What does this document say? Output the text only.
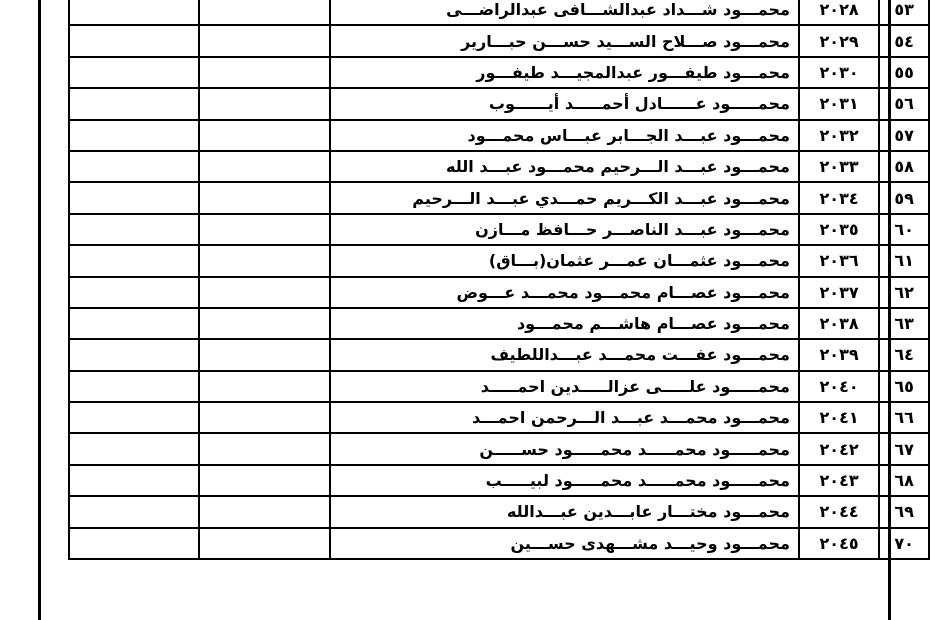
		محمـــود شـــداد عبدالشـــافى عبدالراضـــى	٢٠٢٨	٥٣
		محمـــود صـــلاح الســـيد حســـن حبـــارير	٢٠٢٩	٥٤
		محمـــود طيفـــور عبدالمجيـــد طيفـــور	٢٠٣٠	٥٥
		محمـــــود عــــــادل أحمـــــد أيــــــوب	٢٠٣١	٥٦
		محمـــود عبـــد الجـــابر عبـــاس محمـــود	٢٠٣٢	٥٧
		محمـــود عبـــد الـــرحيم محمـــود عبـــد الله	٢٠٣٣	٥٨
		محمـــود عبـــد الكـــريم حمـــدي عبـــد الـــرحيم	٢٠٣٤	٥٩
		محمـــود عبـــد الناصـــر حـــافظ مـــازن	٢٠٣٥	٦٠
		محمـــود عثمـــان عمـــر عثمان(بـــاق)	٢٠٣٦	٦١
		محمـــود عصـــام محمـــود محمـــد عـــوض	٢٠٣٧	٦٢
		محمـــود عصـــام هاشـــم محمـــود	٢٠٣٨	٦٣
		محمـــود عفـــت محمـــد عبـــداللطيف	٢٠٣٩	٦٤
		محمـــــود علـــــى عزالـــــدين احمـــــد	٢٠٤٠	٦٥
		محمـــود محمـــد عبـــد الـــرحمن احمـــد	٢٠٤١	٦٦
		محمـــــود محمـــــد محمـــــود حســـــن	٢٠٤٢	٦٧
		محمـــــود محمـــــد محمـــــود لبيـــــب	٢٠٤٣	٦٨
		محمـــود مختـــار عابـــدين عبـــدالله	٢٠٤٤	٦٩
		محمـــود وحيـــد مشـــهدى حســـين	٢٠٤٥	٧٠
